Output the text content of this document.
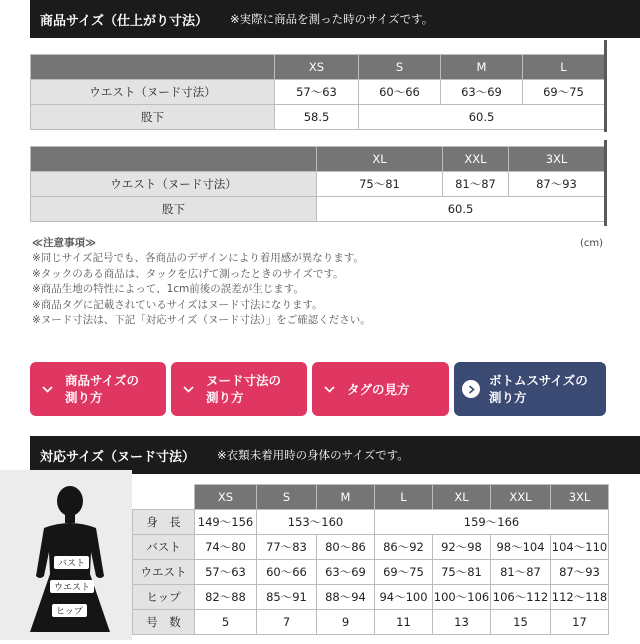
商品サイズ（仕上がり寸法） ※実際に商品を測った時のサイズです。
	XS	S	M	L
ウエスト（ヌード寸法）	57〜63	60〜66	63〜69	69〜75
股下	58.5	60.5		
	XL	XXL	3XL
ウエスト（ヌード寸法）	75〜81	81〜87	87〜93
股下	60.5		
≪注意事項≫
※同じサイズ記号でも、各商品のデザインにより着用感が異なります。
※タックのある商品は、タックを広げて測ったときのサイズです。
※商品生地の特性によって、1cm前後の誤差が生じます。
※商品タグに記載されているサイズはヌード寸法になります。
※ヌード寸法は、下記「対応サイズ（ヌード寸法）」をご確認ください。
(cm)
商品サイズの
測り方
ヌード寸法の
測り方
タグの見方
ボトムスサイズの
測り方
対応サイズ（ヌード寸法） ※衣類未着用時の身体のサイズです。
バスト
ウエスト
ヒップ
	XS	S	M	L	XL	XXL	3XL
身　長	149〜156	153〜160		159〜166			
バスト	74〜80	77〜83	80〜86	86〜92	92〜98	98〜104	104〜110
ウエスト	57〜63	60〜66	63〜69	69〜75	75〜81	81〜87	87〜93
ヒップ	82〜88	85〜91	88〜94	94〜100	100〜106	106〜112	112〜118
号　数	5	7	9	11	13	15	17
